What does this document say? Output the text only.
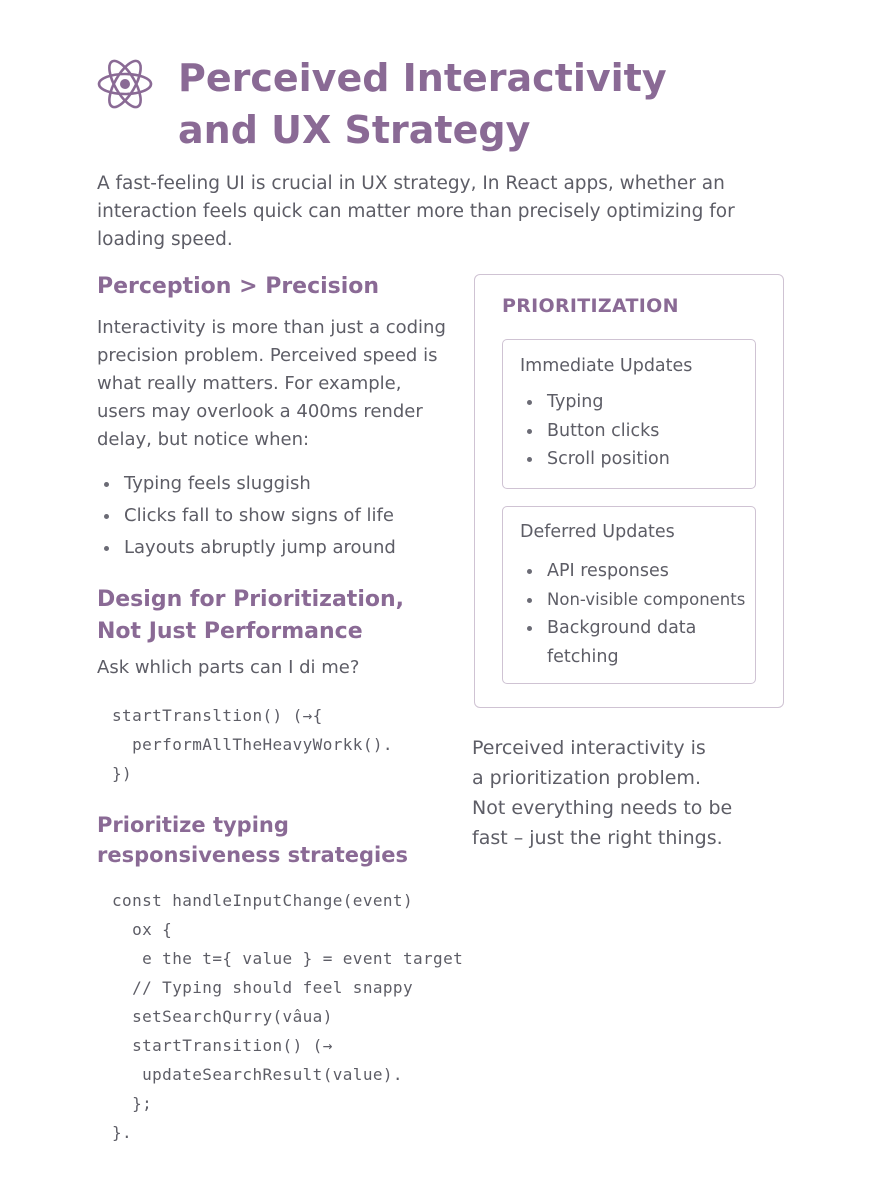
Perceived Interactivity
and UX Strategy
A fast-feeling UI is crucial in UX strategy, In React apps, whether an
interaction feels quick can matter more than precisely optimizing for
loading speed.
Perception > Precision
Interactivity is more than just a coding
precision problem. Perceived speed is
what really matters. For example,
users may overlook a 400ms render
delay, but notice when:
Typing feels sluggish
Clicks fall to show signs of life
Layouts abruptly jump around
Design for Prioritization,
Not Just Performance
Ask whlich parts can I di me?
startTransltion() (→{
performAllTheHeavyWorkk().
})
Prioritize typing
responsiveness strategies
const handleInputChange(event)
ox {
e the t={ value } = event target
// Typing should feel snappy
setSearchQurry(vâua)
startTransition() (→
updateSearchResult(value).
};
}.
PRIORITIZATION
Immediate Updates
Typing
Button clicks
Scroll position
Deferred Updates
API responses
Non-visible components
Background data
fetching
Perceived interactivity is
a prioritization problem.
Not everything needs to be
fast – just the right things.
